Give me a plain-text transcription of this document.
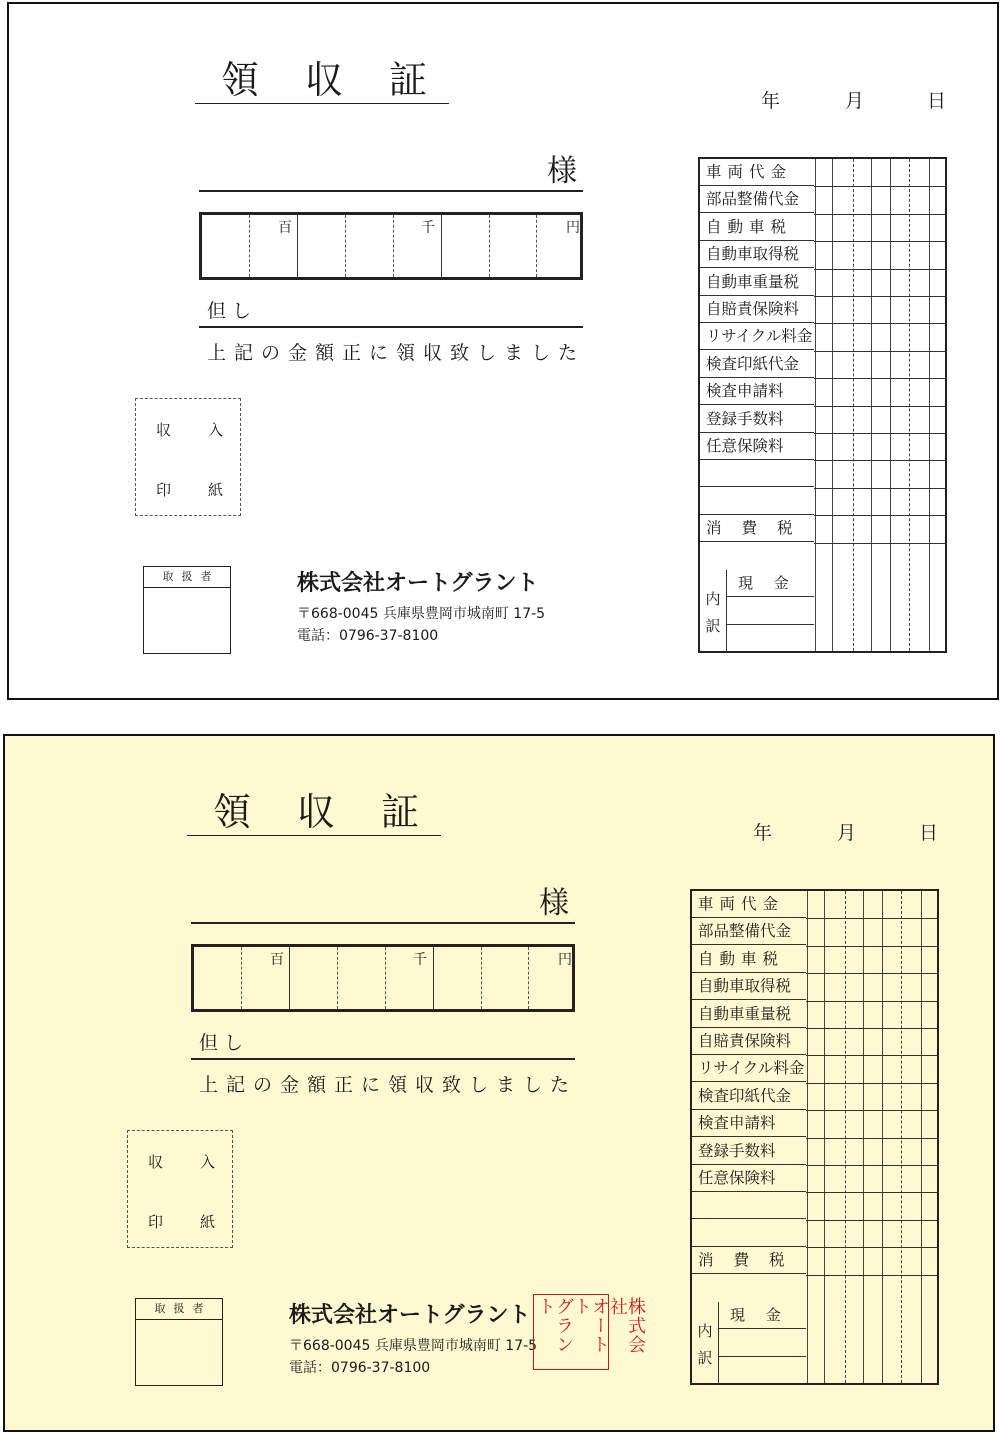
領収証	年	月	日
様
百	千	円
但し
上記の金額正に領収致しました
収 入
印 紙
取扱者	株式会社オートグラント
〒668-0045 兵庫県豊岡市城南町 17-5
電話：0796-37-8100
車両代金
部品整備代金
自動車税
自動車取得税
自動車重量税
自賠責保険料
リサイクル料金
検査印紙代金
検査申請料
登録手数料
任意保険料
消費税
内
訳
現 金
領収証	年	月	日
様
百	千	円
但し
上記の金額正に領収致しました
収 入
印 紙
取扱者	株式会社オートグラント
〒668-0045 兵庫県豊岡市城南町 17-5
電話：0796-37-8100
車両代金
部品整備代金
自動車税
自動車取得税
自動車重量税
自賠責保険料
リサイクル料金
検査印紙代金
検査申請料
登録手数料
任意保険料
消費税
内
訳
現 金
株式会社
オートト
グラント
